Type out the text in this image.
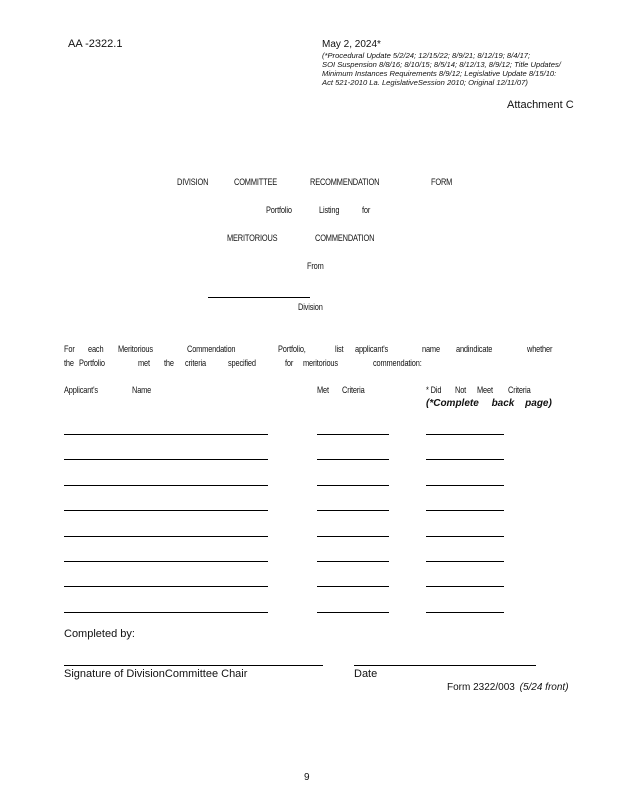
AA -2322.1	May 2, 2024*
(*Procedural Update 5/2/24; 12/15/22; 8/9/21; 8/12/19; 8/4/17;
SOI Suspension 8/8/16; 8/10/15; 8/5/14; 8/12/13, 8/9/12; Title Updates/
Minimum Instances Requirements 8/9/12; Legislative Update 8/15/10:
Act 521-2010 La. LegislativeSession 2010; Original 12/11/07)
Attachment C
DIVISION	COMMITTEE	RECOMMENDATION	FORM
Portfolio	Listing for
MERITORIOUS	COMMENDATION
From
Division
For each Meritorious	Commendation	Portfolio,	list applicant's	name andindicate	whether
the Portfolio	met the criteria specified	for meritorious	commendation:
Applicant's	Name	Met Criteria	* Did Not Meet Criteria
(*Complete back page)
Completed by:
Signature of DivisionCommittee Chair	Date
Form 2322/003 (5/24 front)
9
